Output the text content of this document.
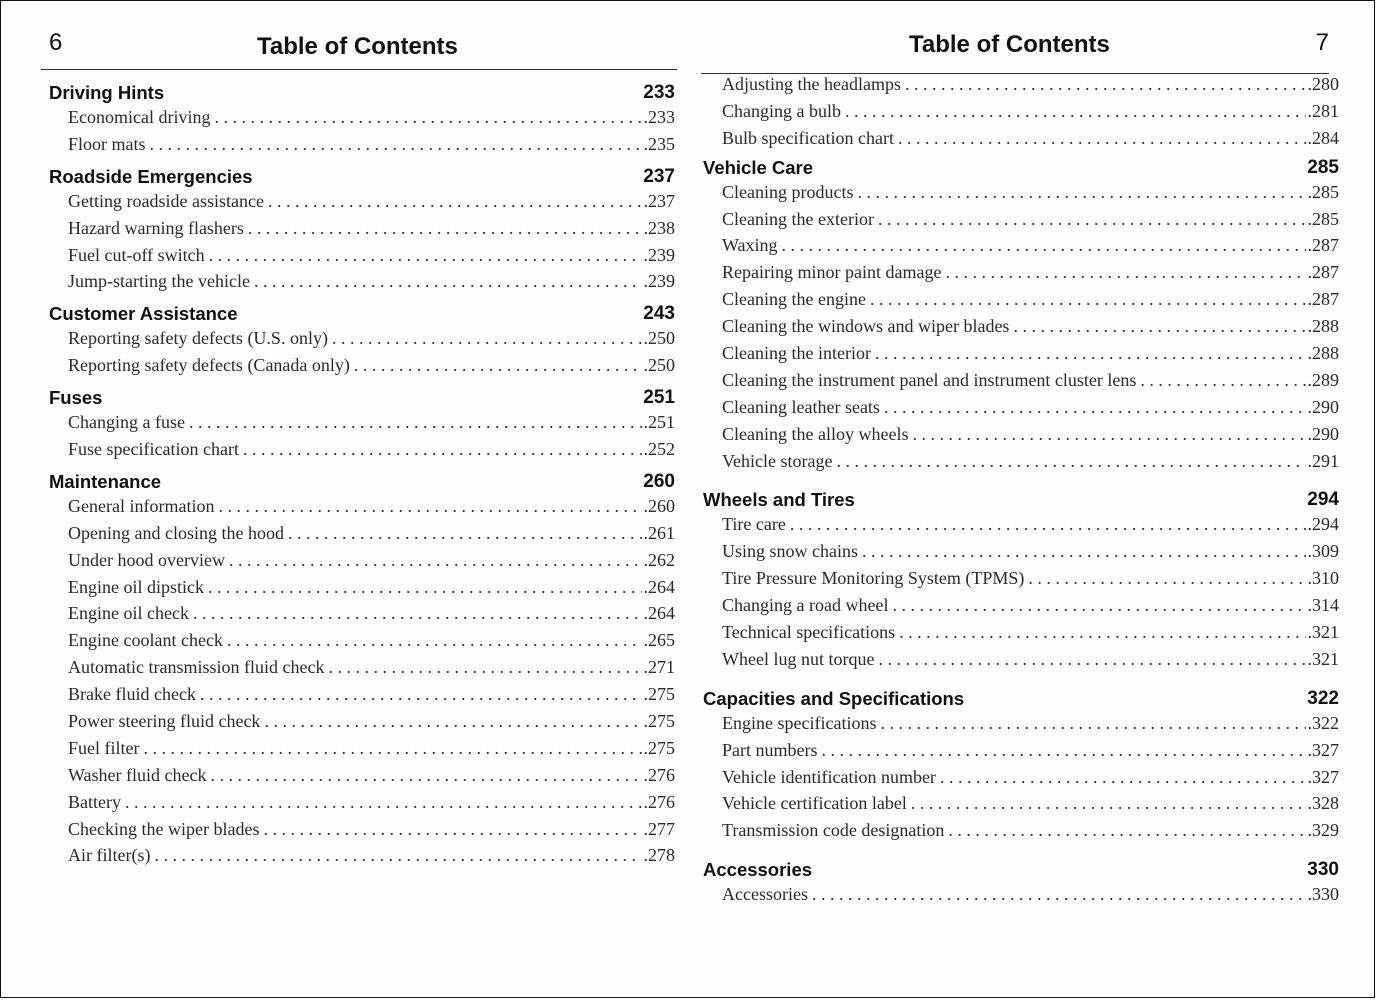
6	Table of Contents
Driving Hints	233
Economical driving . . .	.233
Floor mats . . .	.235
Roadside Emergencies	237
Getting roadside assistance . . .	.237
Hazard warning flashers . . .	.238
Fuel cut-off switch . . .	.239
Jump-starting the vehicle . . .	.239
Customer Assistance	243
Reporting safety defects (U.S. only) . . .	.250
Reporting safety defects (Canada only) . . .	.250
Fuses	251
Changing a fuse . . .	.251
Fuse specification chart . . .	.252
Maintenance	260
General information . . .	.260
Opening and closing the hood . . .	.261
Under hood overview . . .	.262
Engine oil dipstick . . .	.264
Engine oil check . . .	.264
Engine coolant check . . .	.265
Automatic transmission fluid check . . .	.271
Brake fluid check . . .	.275
Power steering fluid check . . .	.275
Fuel filter . . .	.275
Washer fluid check . . .	.276
Battery . . .	.276
Checking the wiper blades . . .	.277
Air filter(s) . . .	.278
Table of Contents	7
Adjusting the headlamps . . .	.280
Changing a bulb . . .	.281
Bulb specification chart . . .	.284
Vehicle Care	285
Cleaning products . . .	.285
Cleaning the exterior . . .	.285
Waxing . . .	.287
Repairing minor paint damage . . .	.287
Cleaning the engine . . .	.287
Cleaning the windows and wiper blades . . .	.288
Cleaning the interior . . .	.288
Cleaning the instrument panel and instrument cluster lens . . .	.289
Cleaning leather seats . . .	.290
Cleaning the alloy wheels . . .	.290
Vehicle storage . . .	.291
Wheels and Tires	294
Tire care . . .	.294
Using snow chains . . .	.309
Tire Pressure Monitoring System (TPMS) . . .	.310
Changing a road wheel . . .	.314
Technical specifications . . .	.321
Wheel lug nut torque . . .	.321
Capacities and Specifications	322
Engine specifications . . .	.322
Part numbers . . .	.327
Vehicle identification number . . .	.327
Vehicle certification label . . .	.328
Transmission code designation . . .	.329
Accessories	330
Accessories . . .	.330
